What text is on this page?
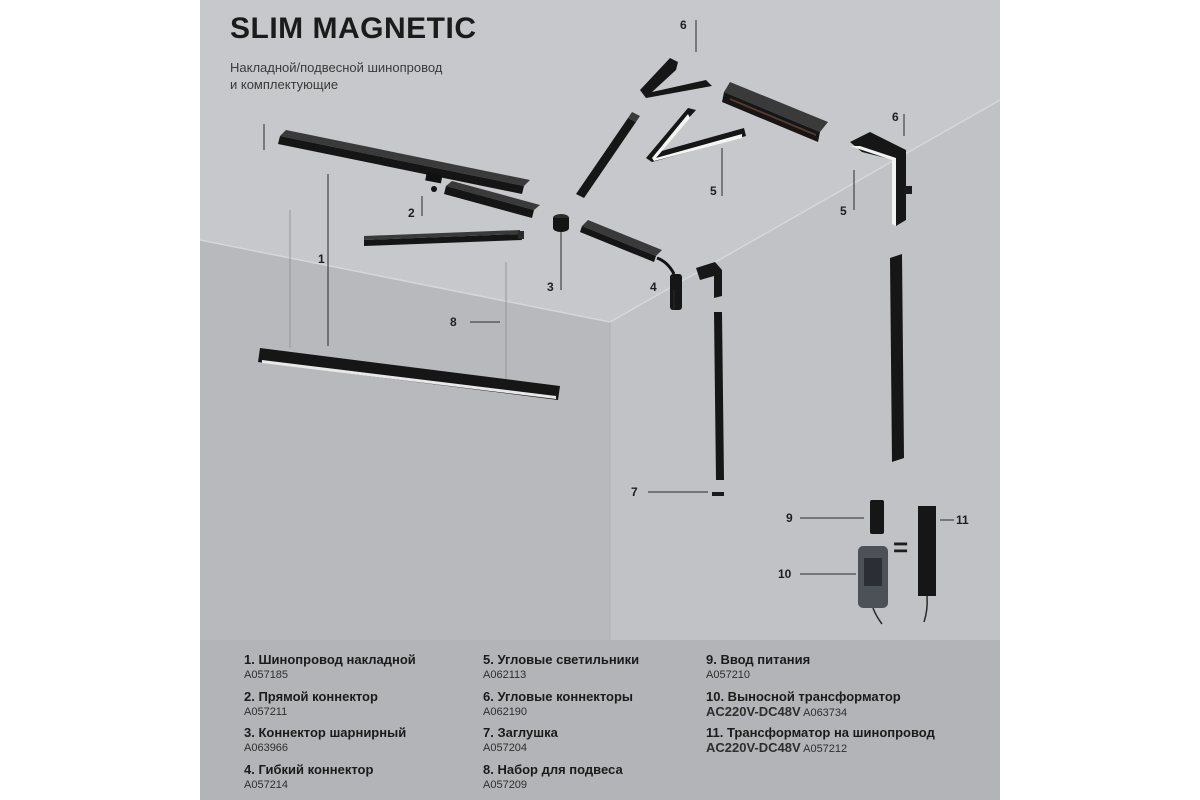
SLIM MAGNETIC
Накладной/подвесной шинопровод
и комплектующие
1
2
3	4
5
5
6
6
7
8
9
10
11
=
1. Шинопровод накладной
A057185
2. Прямой коннектор
A057211
3. Коннектор шарнирный
A063966
4. Гибкий коннектор
A057214
5. Угловые светильники
A062113
6. Угловые коннекторы
A062190
7. Заглушка
A057204
8. Набор для подвеса
A057209
9. Ввод питания
A057210
10. Выносной трансформатор
AC220V-DC48V A063734
11. Трансформатор на шинопровод
AC220V-DC48V A057212
